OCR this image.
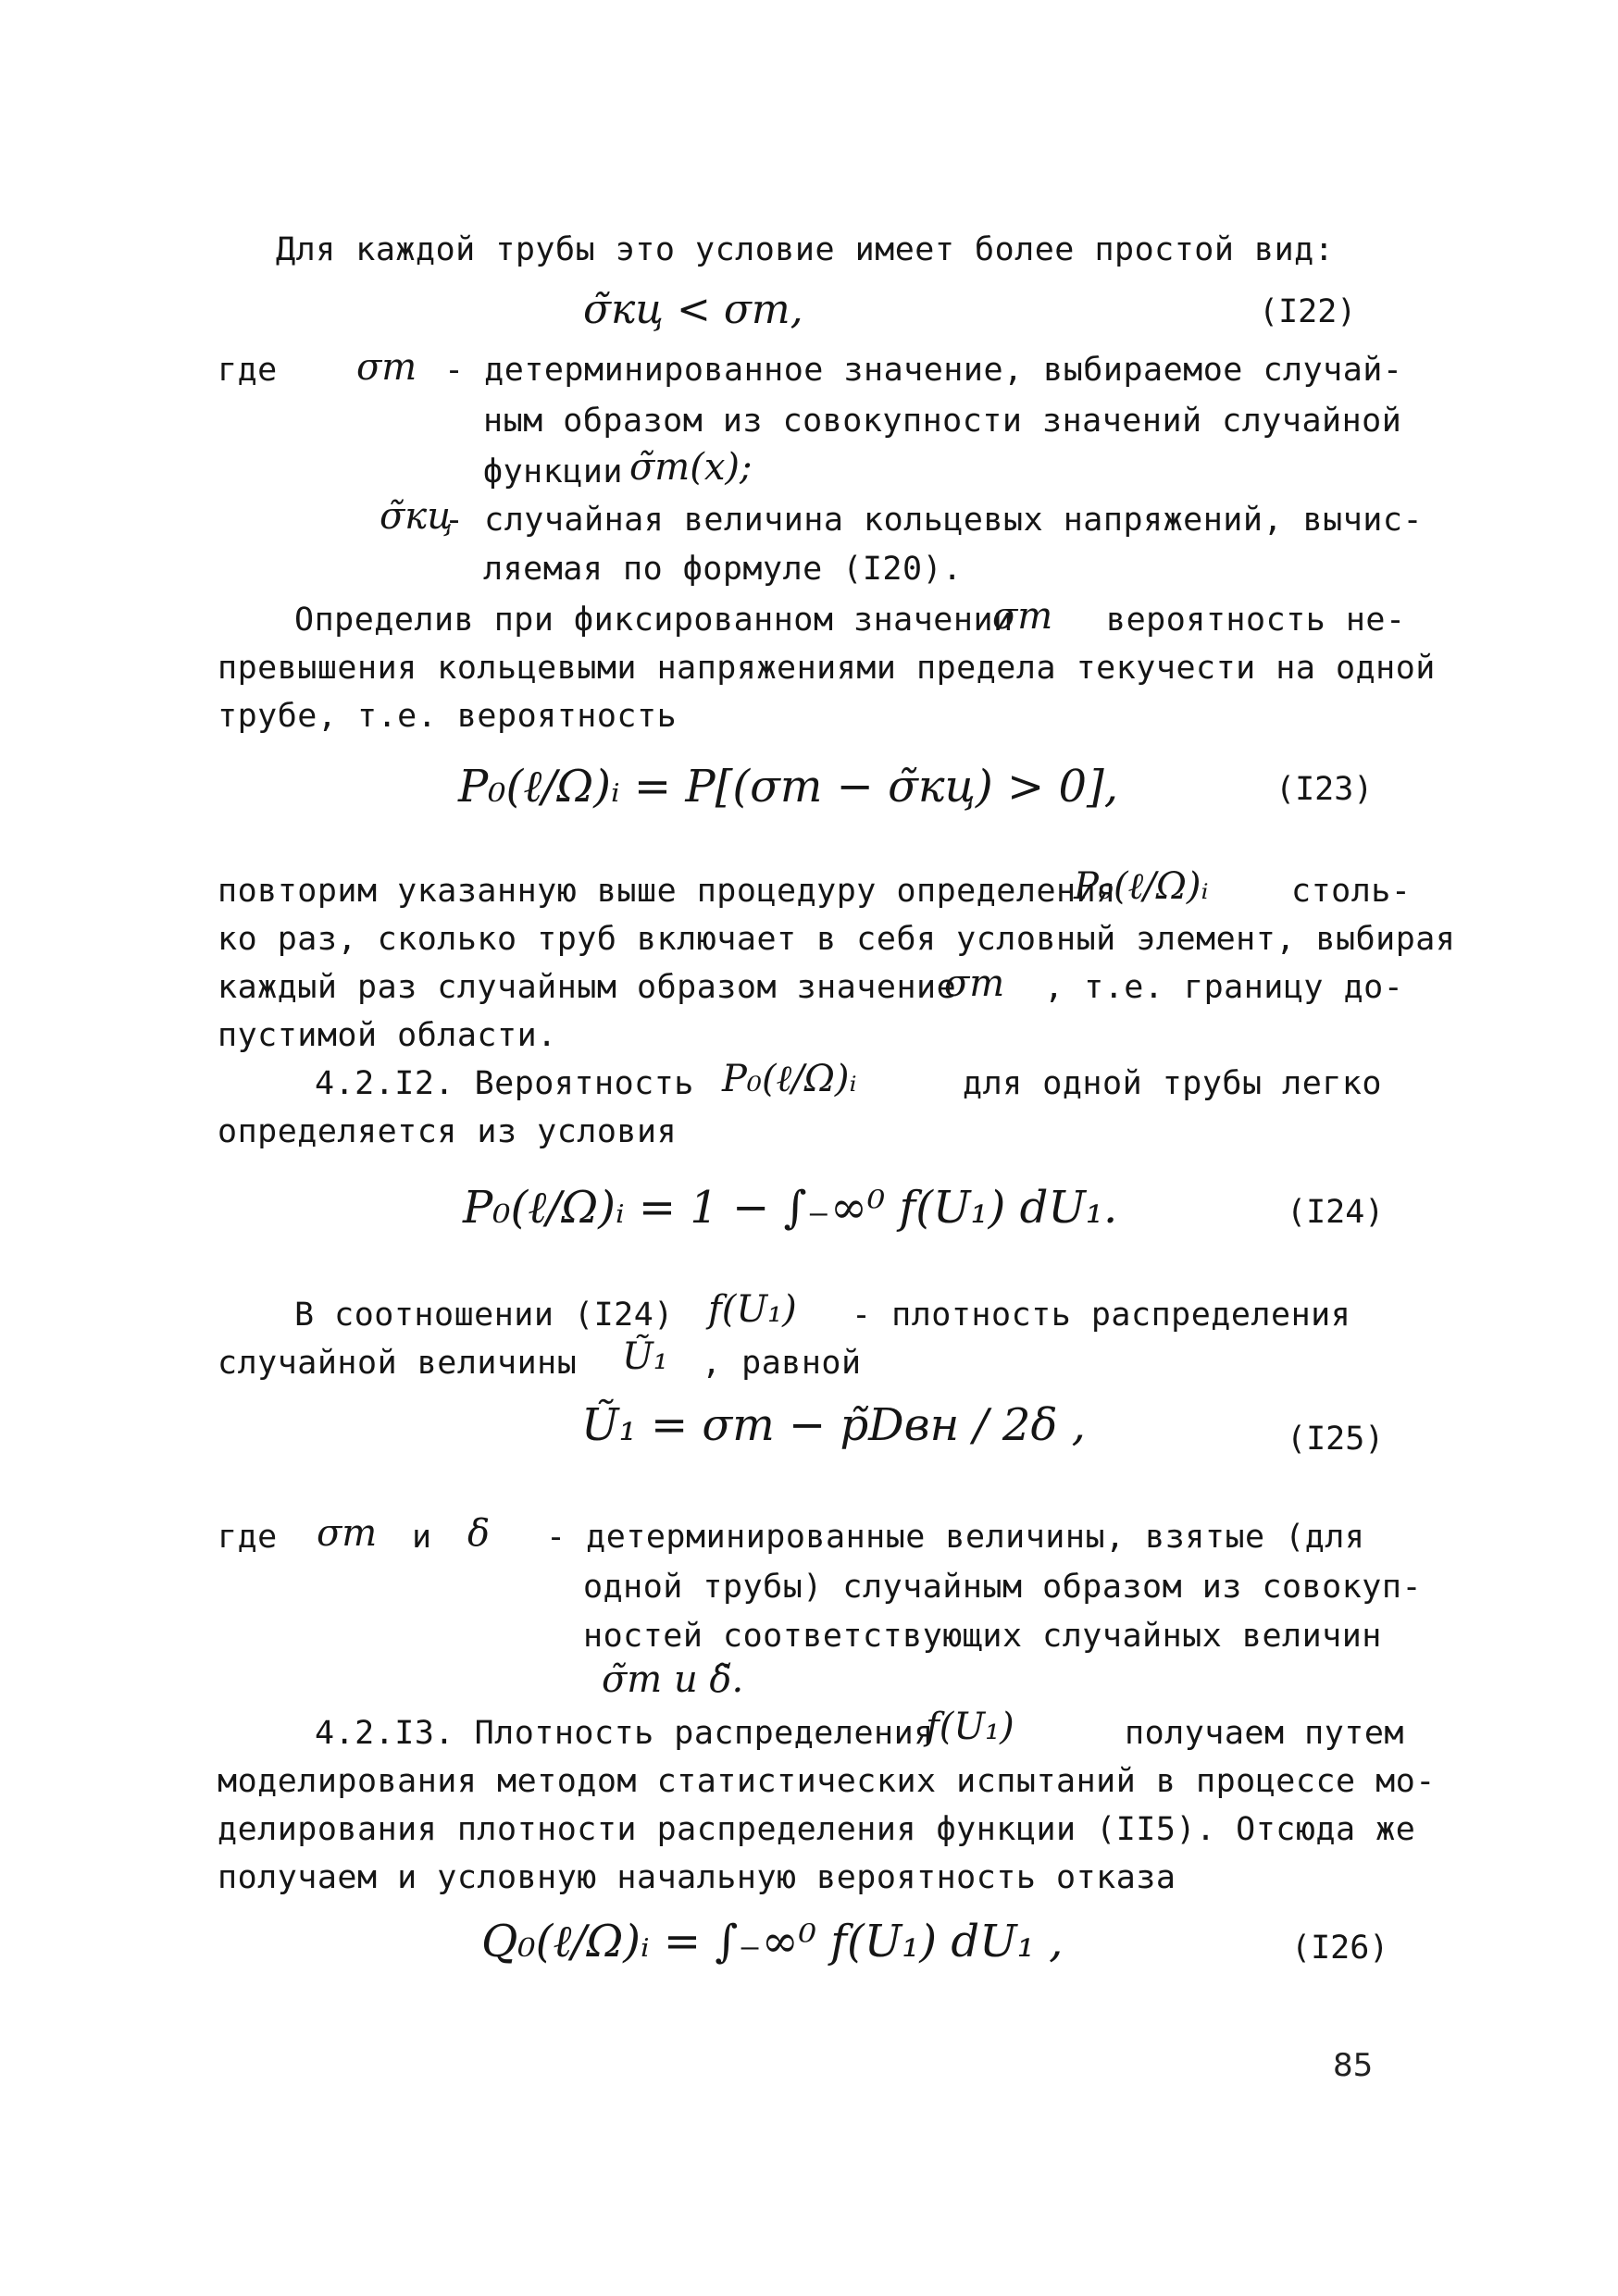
Для каждой трубы это условие имеет более простой вид:
σ̃кц < σт,	(I22)
где σт - детерминированное значение, выбираемое случай-
ным образом из совокупности значений случайной
функции σ̃т(x);
σ̃кц
- случайная величина кольцевых напряжений, вычис-
ляемая по формуле (I20).
Определив при фиксированном значении
σт вероятность не-
превышения кольцевыми напряжениями предела текучести на одной
трубе, т.е. вероятность
P₀(ℓ/Ω)ᵢ = P[(σт − σ̃кц) > 0],	(I23)
повторим указанную выше процедуру определения
P₀(ℓ/Ω)ᵢ	столь-
ко раз, сколько труб включает в себя условный элемент, выбирая
каждый раз случайным образом значение
σт , т.е. границу до-
пустимой области.
4.2.I2. Вероятность P₀(ℓ/Ω)ᵢ	для одной трубы легко
определяется из условия
P₀(ℓ/Ω)ᵢ = 1 − ∫₋∞⁰ f(U₁) dU₁.	(I24)
В соотношении (I24) f(U₁) - плотность распределения
случайной величины Ũ₁ , равной
Ũ₁ = σт − p̃Dвн / 2δ ,	(I25)
где σт и δ - детерминированные величины, взятые (для
одной трубы) случайным образом из совокуп-
ностей соответствующих случайных величин
σ̃т и δ̃.
4.2.I3. Плотность распределения
f(U₁)	получаем путем
моделирования методом статистических испытаний в процессе мо-
делирования плотности распределения функции (II5). Отсюда же
получаем и условную начальную вероятность отказа
Q₀(ℓ/Ω)ᵢ = ∫₋∞⁰ f(U₁) dU₁ ,	(I26)
85
